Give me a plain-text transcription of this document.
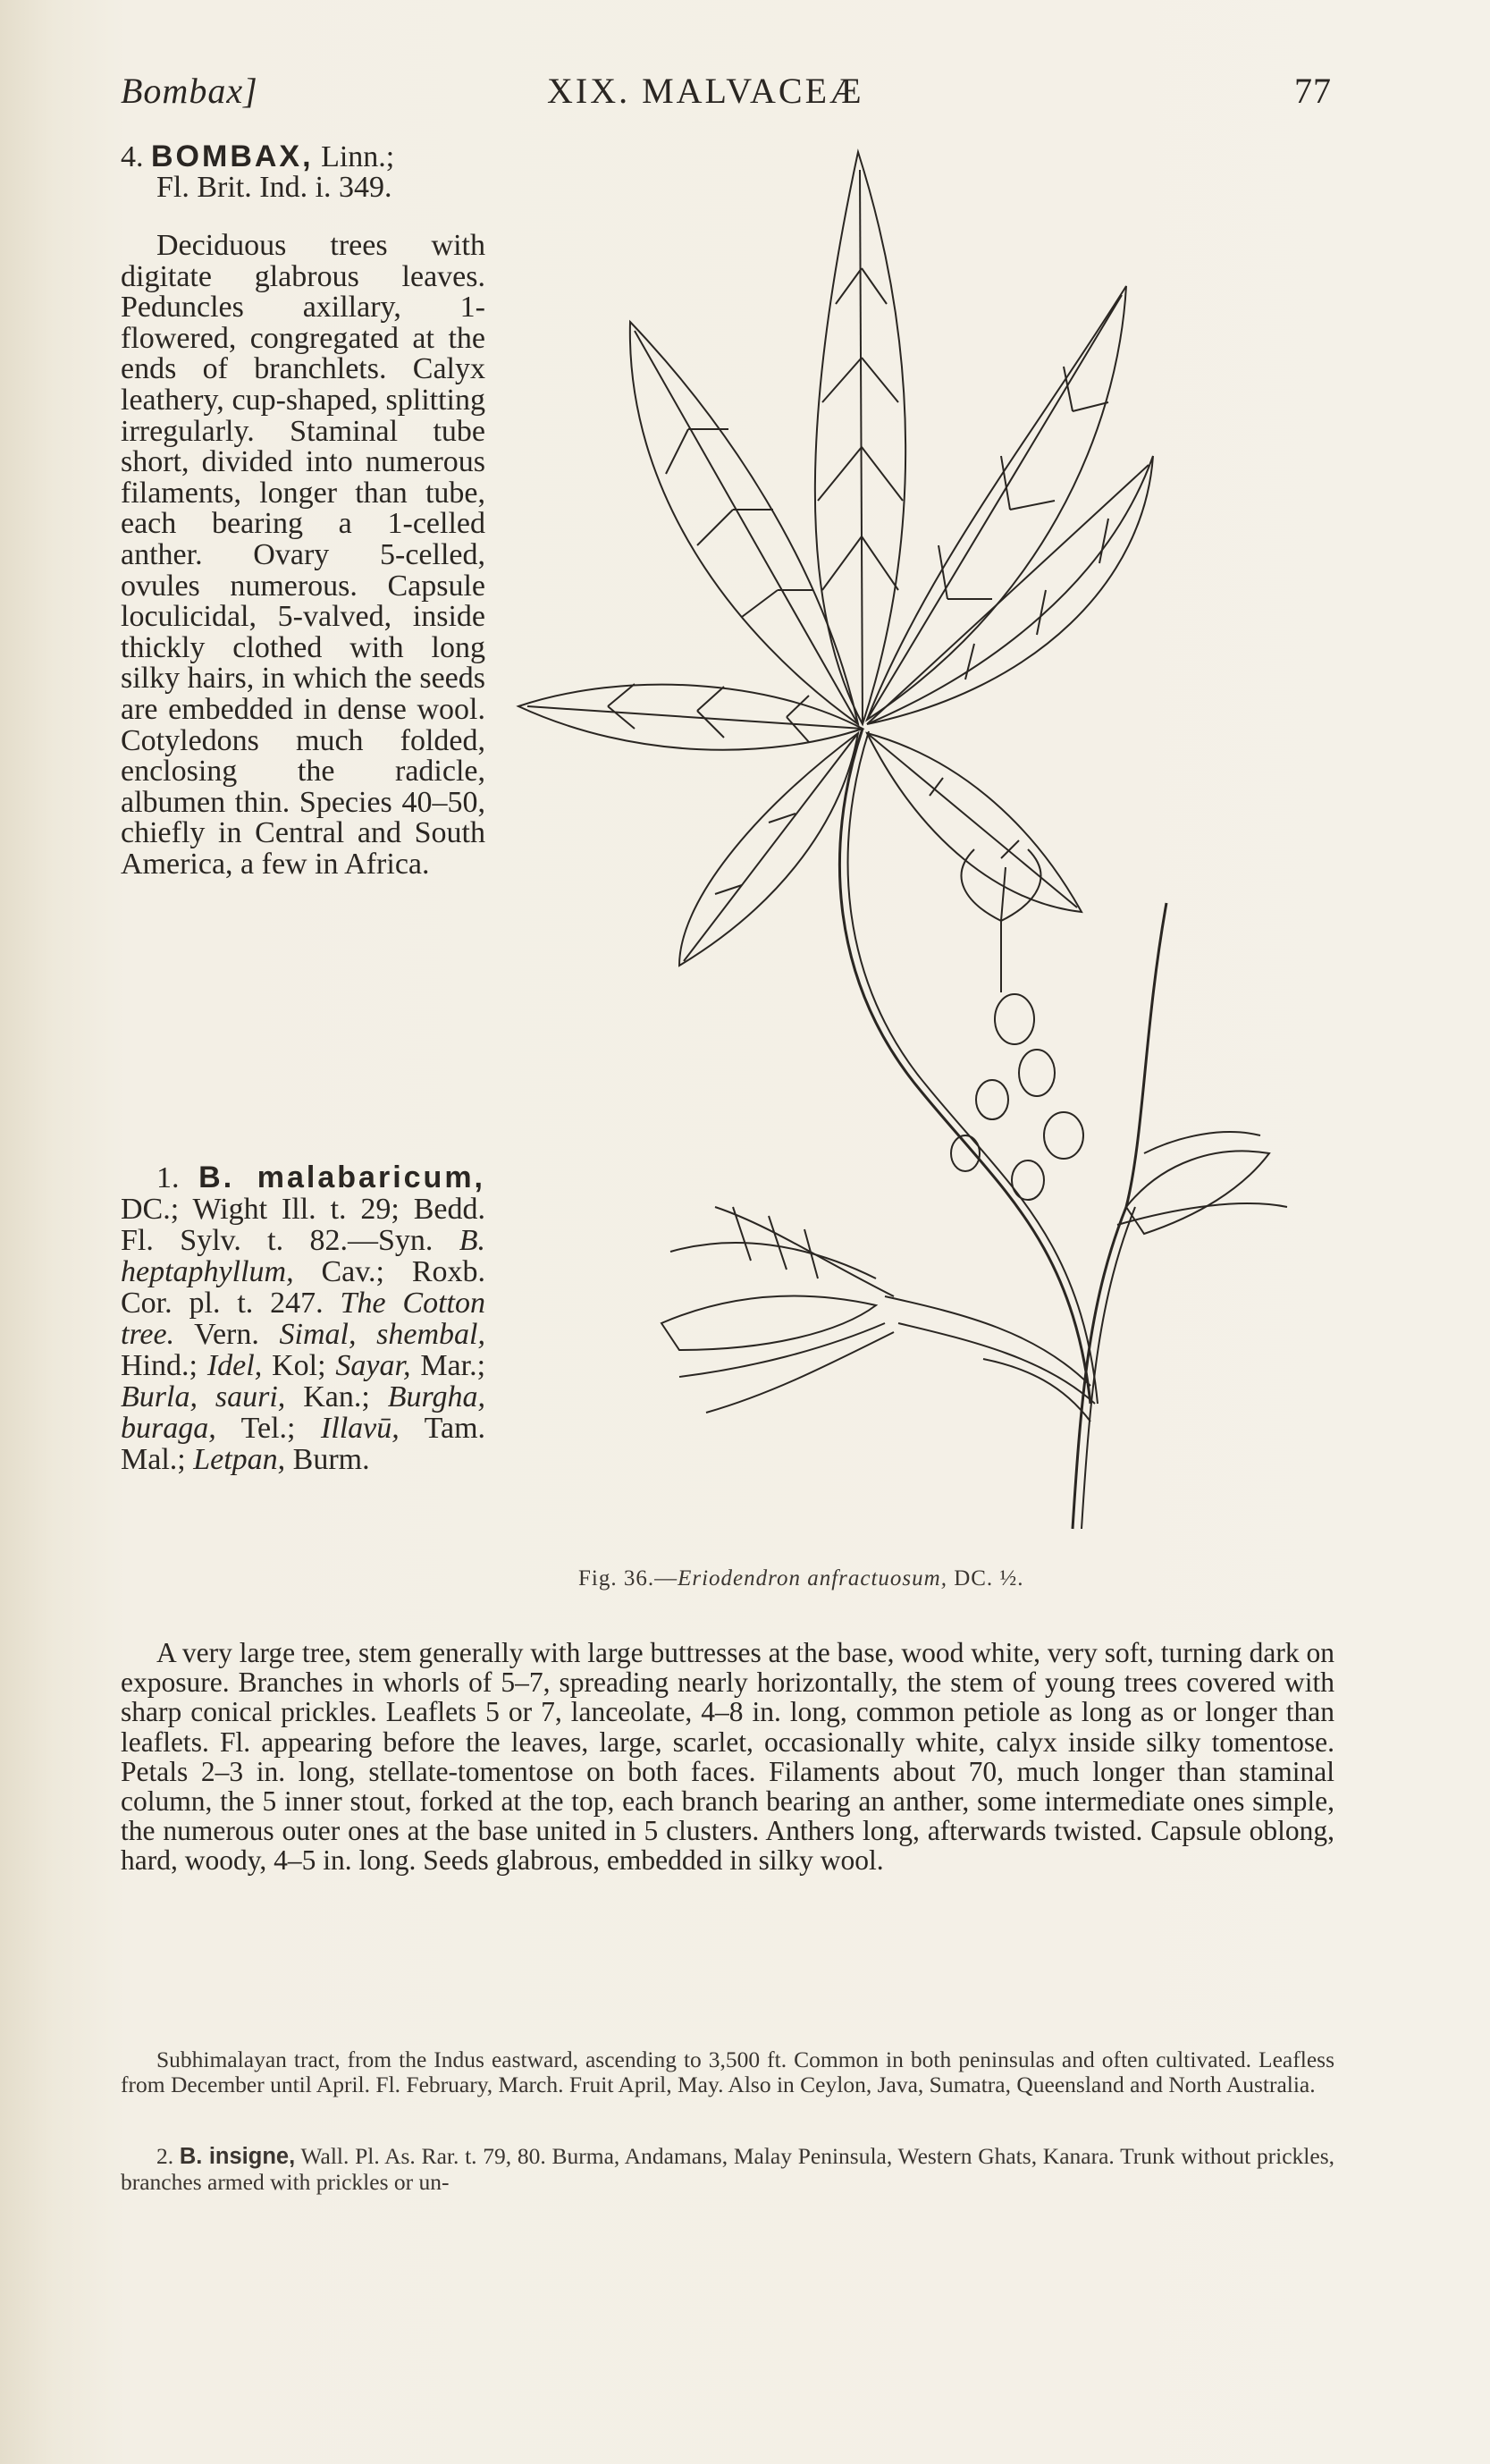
Bombax]	XIX. MALVACEÆ	77
4. BOMBAX, Linn.;
Fl. Brit. Ind. i. 349.
Deciduous trees with digitate glabrous leaves. Peduncles axillary, 1-flowered, congregated at the ends of branchlets. Calyx leathery, cup-shaped, splitting irregularly. Staminal tube short, divided into numerous filaments, longer than tube, each bearing a 1-celled anther. Ovary 5-celled, ovules numerous. Capsule loculicidal, 5-valved, inside thickly clothed with long silky hairs, in which the seeds are embedded in dense wool. Cotyledons much folded, enclosing the radicle, albumen thin. Species 40–50, chiefly in Central and South America, a few in Africa.
1. B. malabaricum, DC.; Wight Ill. t. 29; Bedd. Fl. Sylv. t. 82.—Syn. B. heptaphyllum, Cav.; Roxb. Cor. pl. t. 247. The Cotton tree. Vern. Simal, shembal, Hind.; Idel, Kol; Sayar, Mar.; Burla, sauri, Kan.; Burgha, buraga, Tel.; Illavū, Tam. Mal.; Letpan, Burm.
Fig. 36.—Eriodendron anfractuosum, DC. ½.
A very large tree, stem generally with large buttresses at the base, wood white, very soft, turning dark on exposure. Branches in whorls of 5–7, spreading nearly horizontally, the stem of young trees covered with sharp conical prickles. Leaflets 5 or 7, lanceolate, 4–8 in. long, common petiole as long as or longer than leaflets. Fl. appearing before the leaves, large, scarlet, occasionally white, calyx inside silky tomentose. Petals 2–3 in. long, stellate-tomentose on both faces. Filaments about 70, much longer than staminal column, the 5 inner stout, forked at the top, each branch bearing an anther, some intermediate ones simple, the numerous outer ones at the base united in 5 clusters. Anthers long, afterwards twisted. Capsule oblong, hard, woody, 4–5 in. long. Seeds glabrous, embedded in silky wool.
Subhimalayan tract, from the Indus eastward, ascending to 3,500 ft. Common in both peninsulas and often cultivated. Leafless from December until April. Fl. February, March. Fruit April, May. Also in Ceylon, Java, Sumatra, Queensland and North Australia.
2. B. insigne, Wall. Pl. As. Rar. t. 79, 80. Burma, Andamans, Malay Peninsula, Western Ghats, Kanara. Trunk without prickles, branches armed with prickles or un-
